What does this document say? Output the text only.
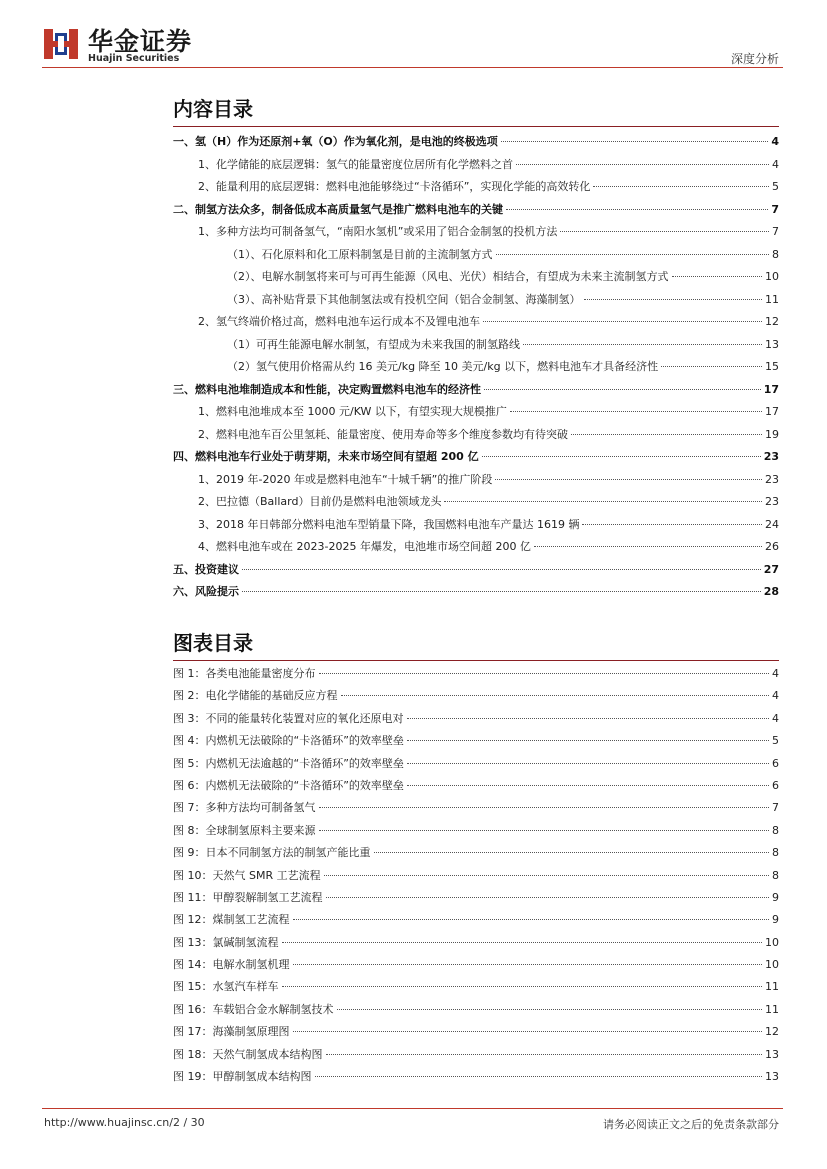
华金证券
Huajin Securities	深度分析
内容目录
一、氢（H）作为还原剂+氧（O）作为氧化剂，是电池的终极选项	4
1、化学储能的底层逻辑：氢气的能量密度位居所有化学燃料之首	4
2、能量利用的底层逻辑：燃料电池能够绕过“卡洛循环”，实现化学能的高效转化	5
二、制氢方法众多，制备低成本高质量氢气是推广燃料电池车的关键	7
1、多种方法均可制备氢气，“南阳水氢机”或采用了铝合金制氢的投机方法	7
（1）、石化原料和化工原料制氢是目前的主流制氢方式	8
（2）、电解水制氢将来可与可再生能源（风电、光伏）相结合，有望成为未来主流制氢方式	10
（3）、高补贴背景下其他制氢法或有投机空间（铝合金制氢、海藻制氢）	11
2、氢气终端价格过高，燃料电池车运行成本不及锂电池车	12
（1）可再生能源电解水制氢，有望成为未来我国的制氢路线	13
（2）氢气使用价格需从约 16 美元/kg 降至 10 美元/kg 以下，燃料电池车才具备经济性	15
三、燃料电池堆制造成本和性能，决定购置燃料电池车的经济性	17
1、燃料电池堆成本至 1000 元/KW 以下，有望实现大规模推广	17
2、燃料电池车百公里氢耗、能量密度、使用寿命等多个维度参数均有待突破	19
四、燃料电池车行业处于萌芽期，未来市场空间有望超 200 亿	23
1、2019 年-2020 年或是燃料电池车“十城千辆”的推广阶段	23
2、巴拉德（Ballard）目前仍是燃料电池领域龙头	23
3、2018 年日韩部分燃料电池车型销量下降，我国燃料电池车产量达 1619 辆	24
4、燃料电池车或在 2023-2025 年爆发，电池堆市场空间超 200 亿	26
五、投资建议	27
六、风险提示	28
图表目录
图 1：各类电池能量密度分布	4
图 2：电化学储能的基础反应方程	4
图 3：不同的能量转化装置对应的氧化还原电对	4
图 4：内燃机无法破除的“卡洛循环”的效率壁垒	5
图 5：内燃机无法逾越的“卡洛循环”的效率壁垒	6
图 6：内燃机无法破除的“卡洛循环”的效率壁垒	6
图 7：多种方法均可制备氢气	7
图 8：全球制氢原料主要来源	8
图 9：日本不同制氢方法的制氢产能比重	8
图 10：天然气 SMR 工艺流程	8
图 11：甲醇裂解制氢工艺流程	9
图 12：煤制氢工艺流程	9
图 13：氯碱制氢流程	10
图 14：电解水制氢机理	10
图 15：水氢汽车样车	11
图 16：车载铝合金水解制氢技术	11
图 17：海藻制氢原理图	12
图 18：天然气制氢成本结构图	13
图 19：甲醇制氢成本结构图	13
http://www.huajinsc.cn/2 / 30	请务必阅读正文之后的免责条款部分
